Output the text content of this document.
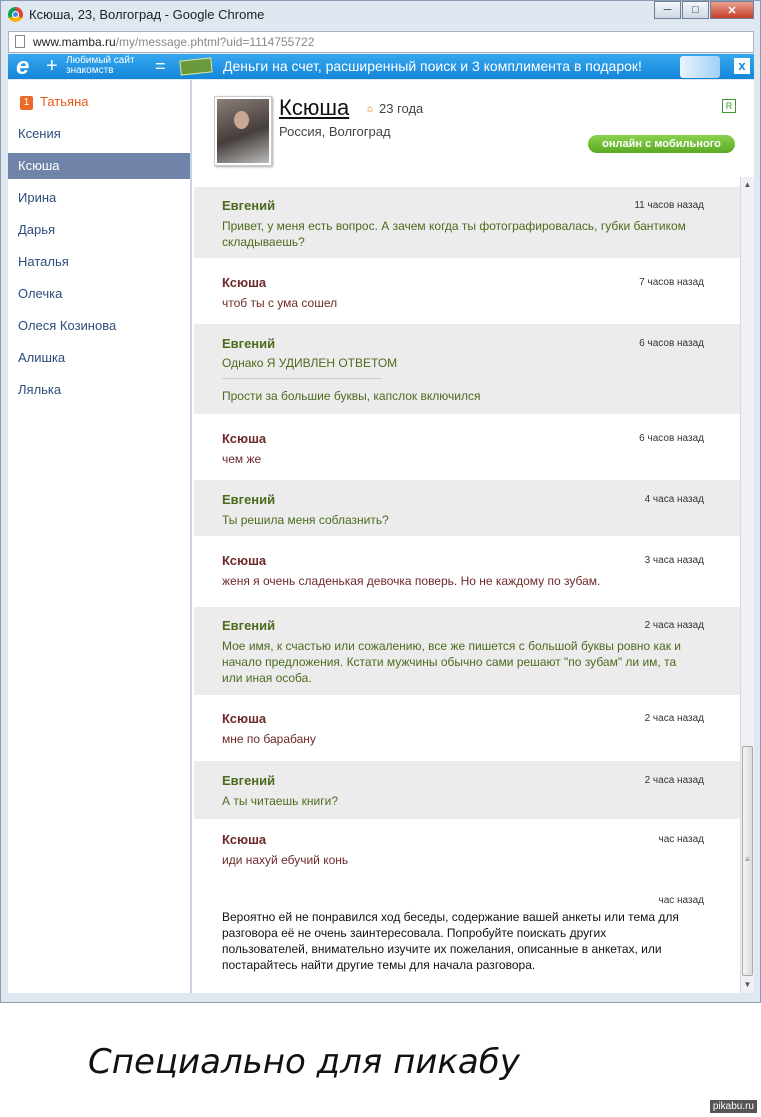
Ксюша, 23, Волгоград - Google Chrome	─ □	✕
www.mamba.ru/my/message.phtml?uid=1114755722
e + Любимый сайт
знакомств	=	Деньги на счет, расширенный поиск и 3 комплимента в подарок!	x
1 Татьяна
Ксения
Ксюша
Ирина
Дарья
Наталья
Олечка
Олеся Козинова
Алишка
Лялька
Ксюша ☼ 23 года
Россия, Волгоград
R
онлайн с мобильного
Евгений	11 часов назад
Привет, у меня есть вопрос. А зачем когда ты фотографировалась, губки бантиком складываешь?
Ксюша	7 часов назад
чтоб ты с ума сошел
Евгений	6 часов назад
Однако Я УДИВЛЕН ОТВЕТОМ
Прости за большие буквы, капслок включился
Ксюша	6 часов назад
чем же
Евгений	4 часа назад
Ты решила меня соблазнить?
Ксюша	3 часа назад
женя я очень сладенькая девочка поверь. Но не каждому по зубам.
Евгений	2 часа назад
Мое имя, к счастью или сожалению, все же пишется с большой буквы ровно как и начало предложения. Кстати мужчины обычно сами решают "по зубам" ли им, та или иная особа.
Ксюша	2 часа назад
мне по барабану
Евгений	2 часа назад
А ты читаешь книги?
Ксюша	час назад
иди нахуй ебучий конь
час назад
Вероятно ей не понравился ход беседы, содержание вашей анкеты или тема для разговора её не очень заинтересовала. Попробуйте поискать других пользователей, внимательно изучите их пожелания, описанные в анкетах, или постарайтесь найти другие темы для начала разговора.
▲
≡
▼
Специально для пикабу
pikabu.ru
